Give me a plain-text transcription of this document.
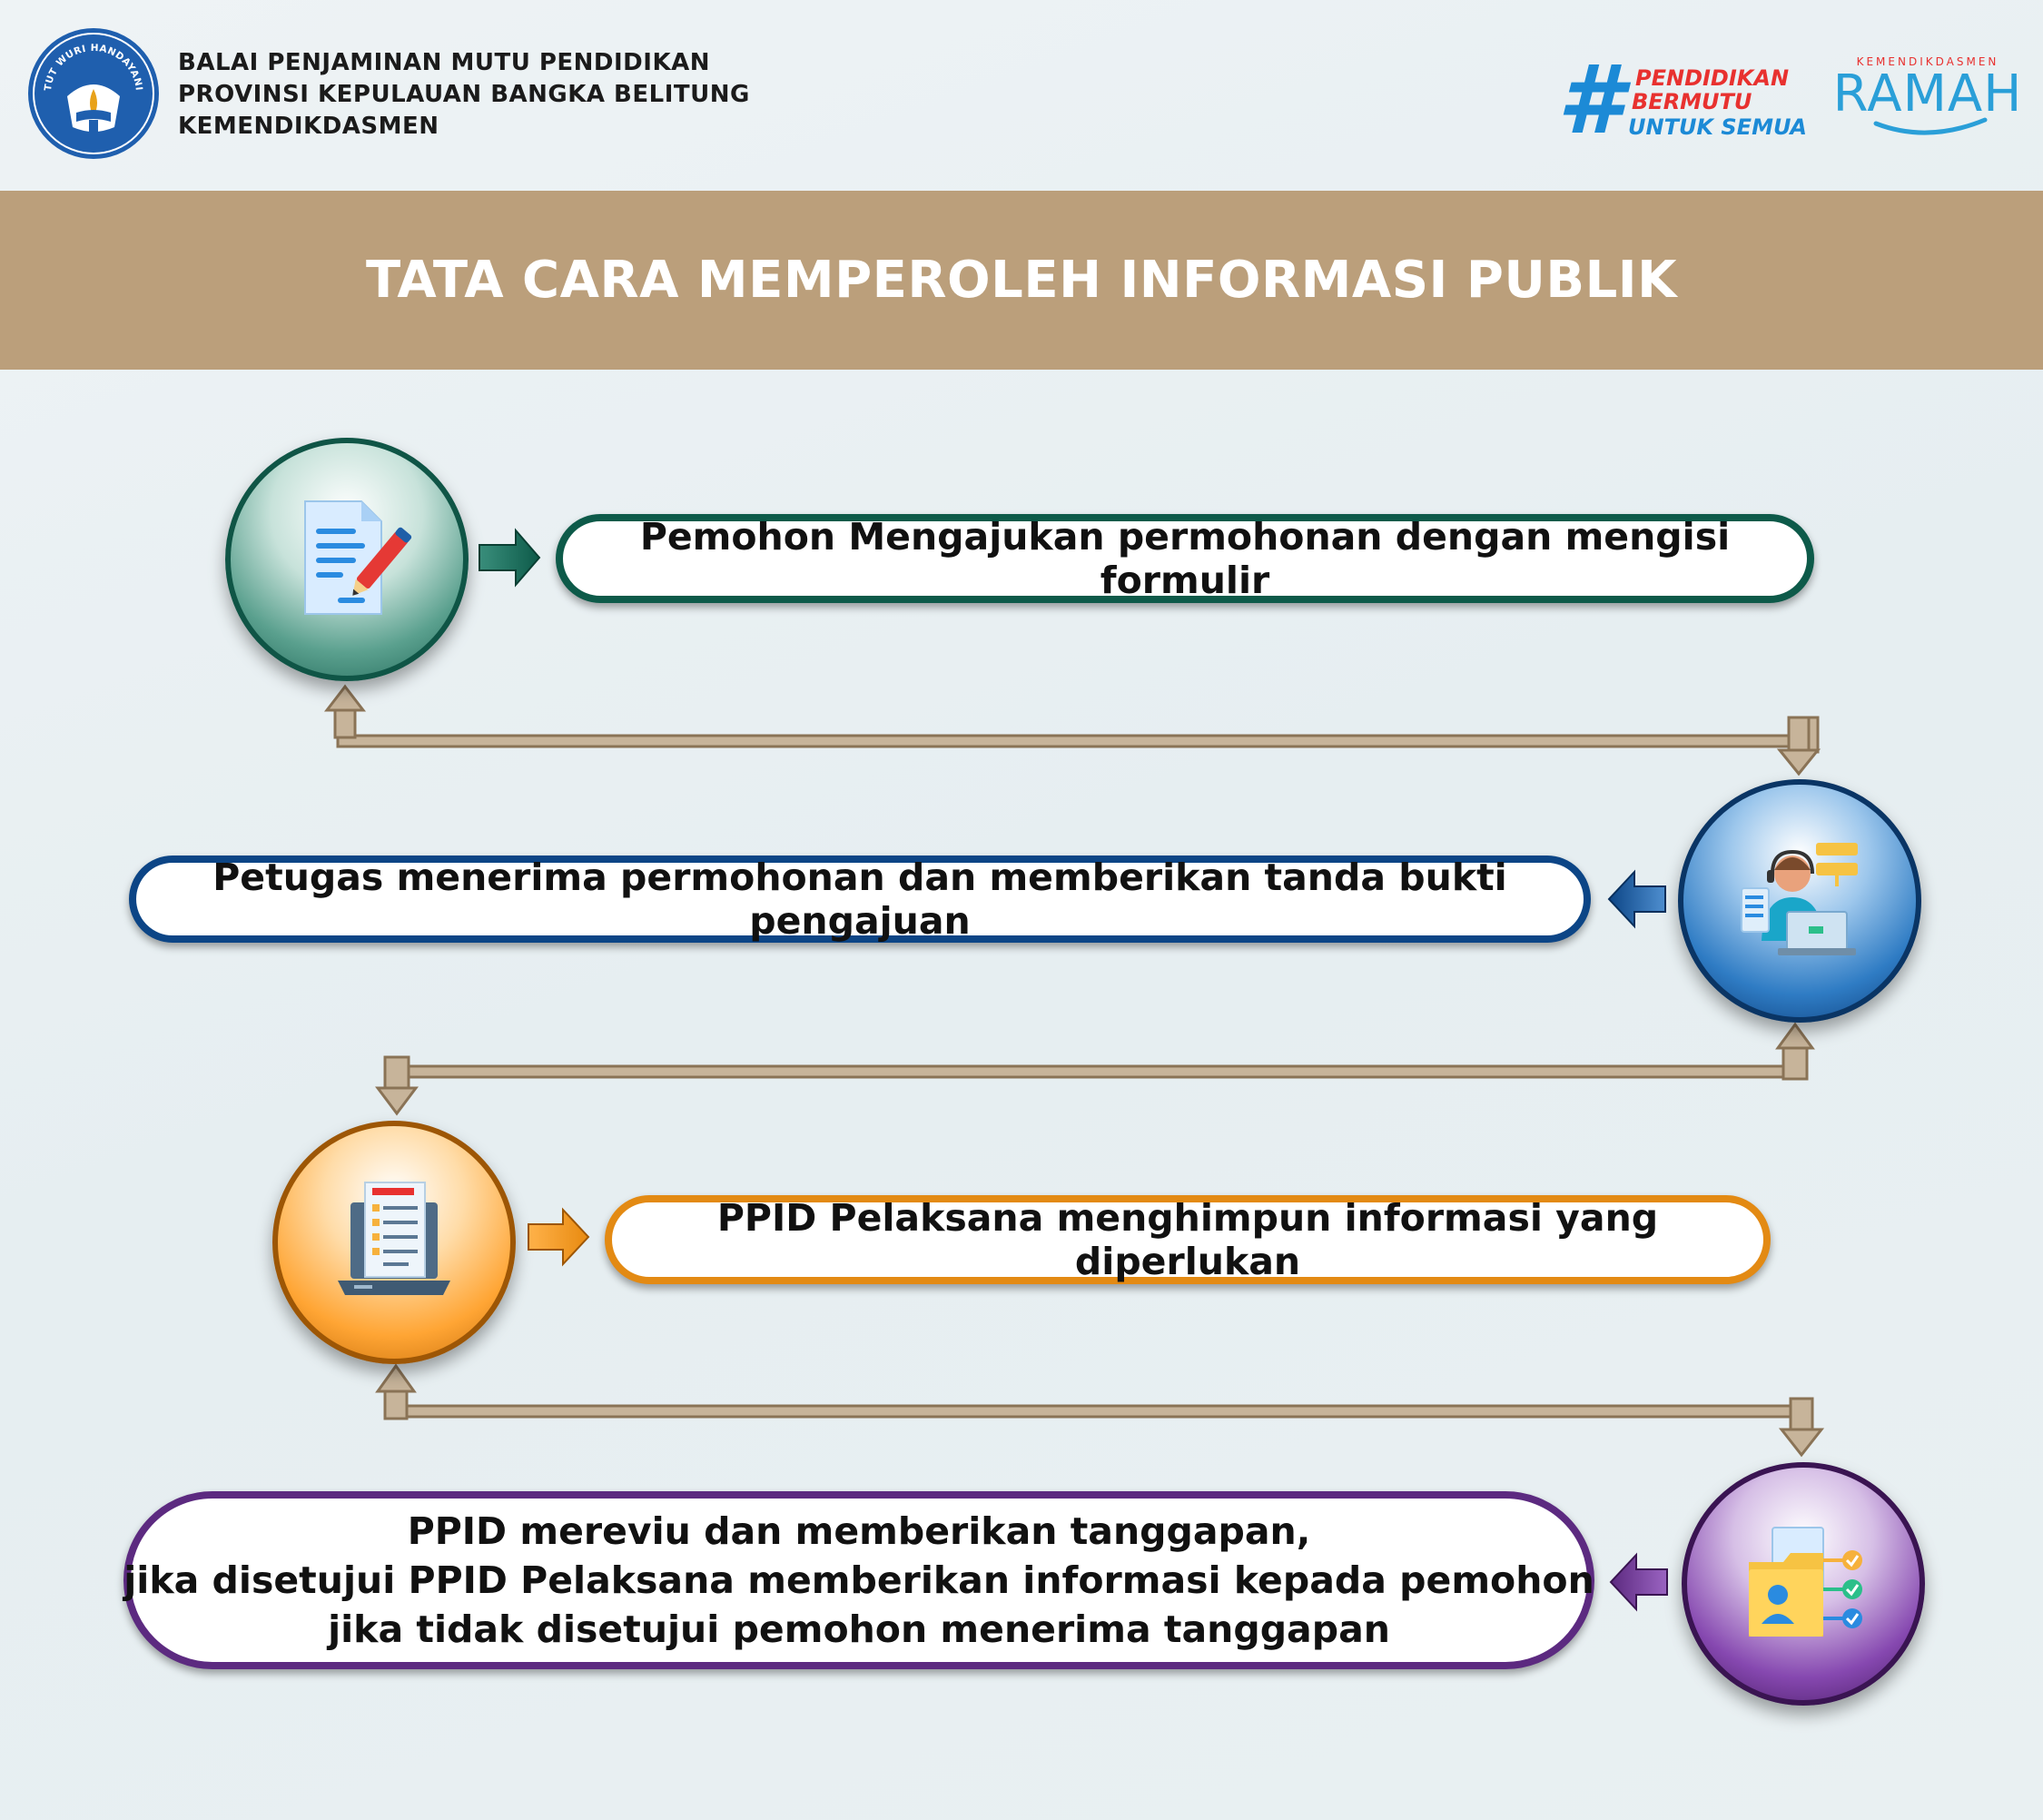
TUT WURI HANDAYANI
BALAI PENJAMINAN MUTU PENDIDIKAN
PROVINSI KEPULAUAN BANGKA BELITUNG
KEMENDIKDASMEN	# PENDIDIKAN
BERMUTU
UNTUK SEMUA
KEMENDIKDASMEN
RAMAH
TATA CARA MEMPEROLEH INFORMASI PUBLIK
Pemohon Mengajukan permohonan dengan mengisi formulir
Petugas menerima permohonan dan memberikan tanda bukti pengajuan
PPID Pelaksana menghimpun informasi yang diperlukan
PPID mereviu dan memberikan tanggapan,
jika disetujui PPID Pelaksana memberikan informasi kepada pemohon
jika tidak disetujui pemohon menerima tanggapan
